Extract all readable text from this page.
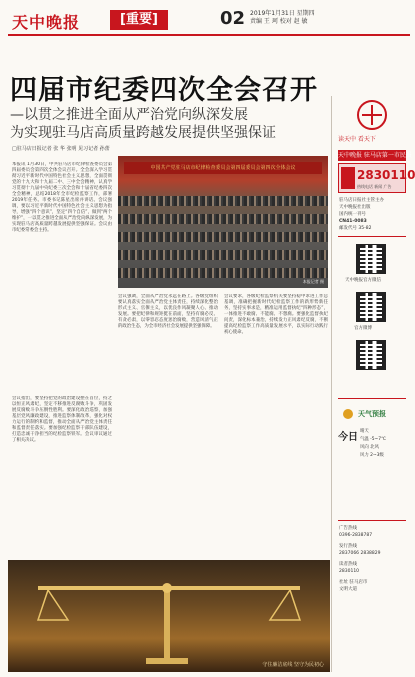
天中晚报	[重要]	02 2019年1月31日 星期四
责编 王 珂 校对 赵 敏
四届市纪委四次全会召开
—以贯之推进全面从严治党向纵深发展
为实现驻马店高质量跨越发展提供坚强保证
□驻马店日报记者 张 华 张明 见习记者 孙蕾
本报讯 1月30日，中共驻马店市纪律检查委员会第四届委员会第四次全体会议召开。全会深入学习贯彻习近平新时代中国特色社会主义思想，全面贯彻党的十九大和十九届二中、三中全会精神，认真学习贯彻十九届中央纪委三次全会和十届省纪委四次全会精神，总结2018年全市纪检监察工作，部署2019年任务。市委书记陈星出席并讲话。会议强调，要以习近平新时代中国特色社会主义思想为指导，增强“四个意识”，坚定“四个自信”，做到“两个维护”，一以贯之推进全面从严治党向纵深发展，为实现驻马店高质量跨越发展提供坚强保证。会议由市纪委常委会主持。
会议指出，要坚持把党的政治建设摆在首位，持之以恒正风肃纪，坚定不移推进反腐败斗争，巩固发展反腐败斗争压倒性胜利。要深化政治巡察，加强基层党风廉政建设，推进监察体制改革，强化对权力运行的制约和监督，推动全面从严治党主体责任和监督责任落实。要加强纪检监察干部队伍建设，打造忠诚干净担当的纪检监察铁军。会议审议通过了相关决议。
会议强调，全面从严治党永远在路上。各级党组织要认真落实全面从严治党主体责任，持续深化整治形式主义、官僚主义，以优良作风凝聚人心、推动发展。要把纪律和规矩挺在前面，坚持有腐必反、有贪必肃，以零容忍态度惩治腐败，营造风清气正的政治生态，为全市经济社会发展提供坚强保障。
会议要求，各级纪检监察机关要坚持稳中求进工作总基调，准确把握新时代纪检监察工作的新形势新任务，坚持实事求是，精准运用监督执纪“四种形态”，一体推进不敢腐、不能腐、不想腐。要强化监督执纪问责，深化标本兼治，持续发力正风肃纪反腐，不断提高纪检监察工作高质量发展水平，以实际行动践行初心使命。
中国共产党驻马店市纪律检查委员会第四届委员会第四次全体会议
本报记者 摄
读天中 看天下
天中晚报 驻马店第一市民报
2830110
热线电话 新闻 广告
驻马店日报社主管主办
天中晚报社出版
国内统一刊号
CN41-0083
邮发代号 35-82
天中晚报官方微信
官方微博
天气预报
今日
晴天
气温 -5~7℃
风向 北风
风力 2~3级
广告热线
0396-2838787
发行热线
2837066 2838829
读者热线
2830110
社址 驻马店市
文明大道
守住廉洁底线 坚守为民初心
